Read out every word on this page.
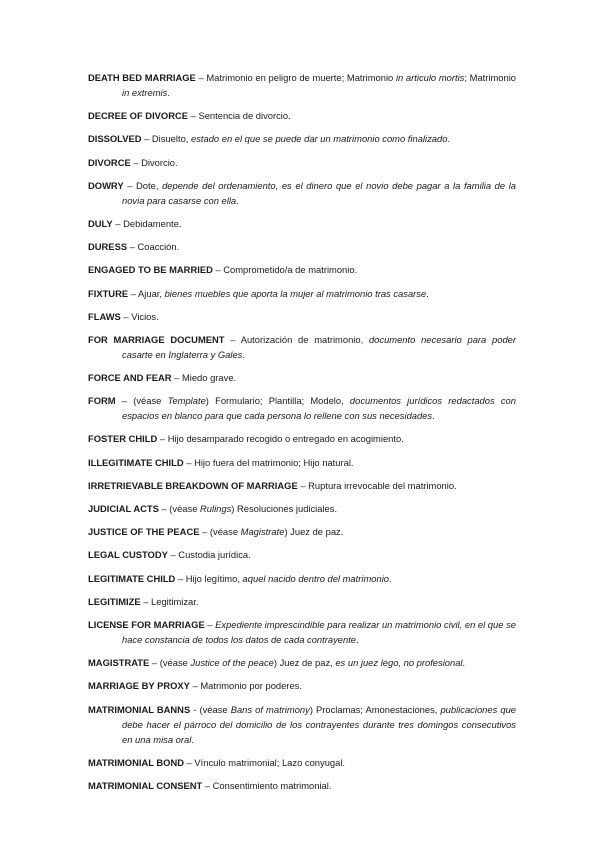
DEATH BED MARRIAGE – Matrimonio en peligro de muerte; Matrimonio in articulo mortis; Matrimonio in extremis.

DECREE OF DIVORCE – Sentencia de divorcio.

DISSOLVED – Disuelto, estado en el que se puede dar un matrimonio como finalizado.

DIVORCE – Divorcio.

DOWRY – Dote, depende del ordenamiento, es el dinero que el novio debe pagar a la familia de la novia para casarse con ella.

DULY – Debidamente.

DURESS – Coacción.

ENGAGED TO BE MARRIED – Comprometido/a de matrimonio.

FIXTURE – Ajuar, bienes muebles que aporta la mujer al matrimonio tras casarse.

FLAWS – Vicios.

FOR MARRIAGE DOCUMENT – Autorización de matrimonio, documento necesario para poder casarte en Inglaterra y Gales.

FORCE AND FEAR – Miedo grave.

FORM – (véase Template) Formulario; Plantilla; Modelo, documentos jurídicos redactados con espacios en blanco para que cada persona lo rellene con sus necesidades.

FOSTER CHILD – Hijo desamparado recogido o entregado en acogimiento.

ILLEGITIMATE CHILD – Hijo fuera del matrimonio; Hijo natural.

IRRETRIEVABLE BREAKDOWN OF MARRIAGE – Ruptura irrevocable del matrimonio.

JUDICIAL ACTS – (véase Rulings) Resoluciones judiciales.

JUSTICE OF THE PEACE – (véase Magistrate) Juez de paz.

LEGAL CUSTODY – Custodia jurídica.

LEGITIMATE CHILD – Hijo legítimo, aquel nacido dentro del matrimonio.

LEGITIMIZE – Legitimizar.

LICENSE FOR MARRIAGE – Expediente imprescindible para realizar un matrimonio civil, en el que se hace constancia de todos los datos de cada contrayente.

MAGISTRATE – (véase Justice of the peace) Juez de paz, es un juez lego, no profesional.

MARRIAGE BY PROXY – Matrimonio por poderes.

MATRIMONIAL BANNS - (véase Bans of matrimony) Proclamas; Amonestaciones, publicaciones que debe hacer el párroco del domicilio de los contrayentes durante tres domingos consecutivos en una misa oral.

MATRIMONIAL BOND – Vínculo matrimonial; Lazo conyugal.

MATRIMONIAL CONSENT – Consentimiento matrimonial.
